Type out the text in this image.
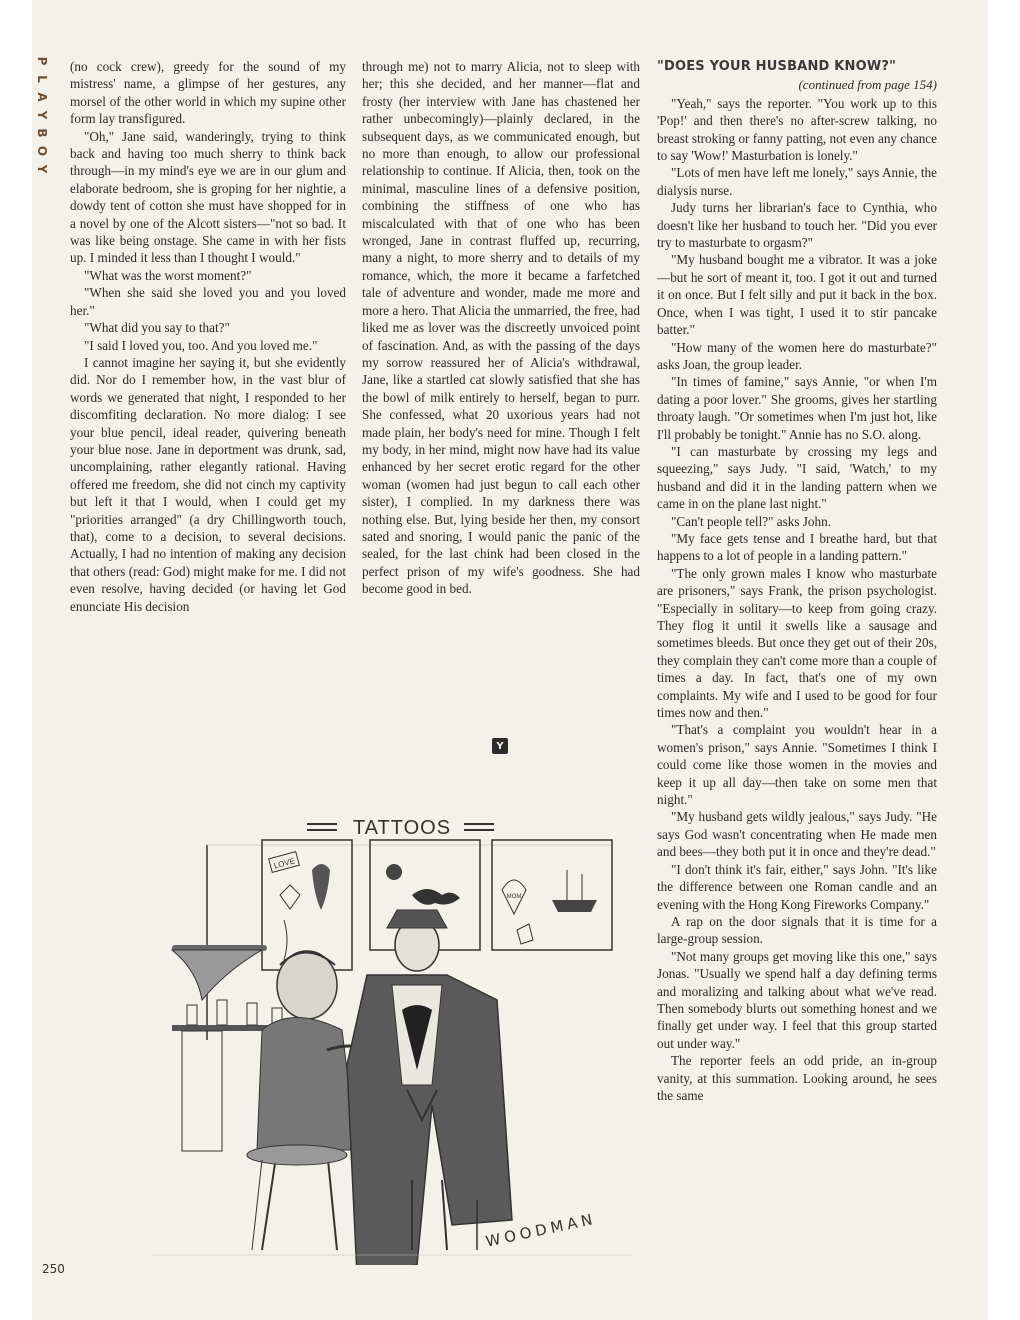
P
L
A
Y
B
O
Y

(no cock crew), greedy for the sound of my mistress' name, a glimpse of her gestures, any morsel of the other world in which my supine other form lay transfigured.

"Oh," Jane said, wanderingly, trying to think back and having too much sherry to think back through—in my mind's eye we are in our glum and elaborate bedroom, she is groping for her nightie, a dowdy tent of cotton she must have shopped for in a novel by one of the Alcott sisters—"not so bad. It was like being onstage. She came in with her fists up. I minded it less than I thought I would."

"What was the worst moment?"

"When she said she loved you and you loved her."

"What did you say to that?"

"I said I loved you, too. And you loved me."

I cannot imagine her saying it, but she evidently did. Nor do I remember how, in the vast blur of words we generated that night, I responded to her discomfiting declaration. No more dialog: I see your blue pencil, ideal reader, quivering beneath your blue nose. Jane in deportment was drunk, sad, uncomplaining, rather elegantly rational. Having offered me freedom, she did not cinch my captivity but left it that I would, when I could get my "priorities arranged" (a dry Chillingworth touch, that), come to a decision, to several decisions. Actually, I had no intention of making any decision that others (read: God) might make for me. I did not even resolve, having decided (or having let God enunciate His decision

through me) not to marry Alicia, not to sleep with her; this she decided, and her manner—flat and frosty (her interview with Jane has chastened her rather unbecomingly)—plainly declared, in the subsequent days, as we communicated enough, but no more than enough, to allow our professional relationship to continue. If Alicia, then, took on the minimal, masculine lines of a defensive position, combining the stiffness of one who has miscalculated with that of one who has been wronged, Jane in contrast fluffed up, recurring, many a night, to more sherry and to details of my romance, which, the more it became a farfetched tale of adventure and wonder, made me more and more a hero. That Alicia the unmarried, the free, had liked me as lover was the discreetly unvoiced point of fascination. And, as with the passing of the days my sorrow reassured her of Alicia's withdrawal, Jane, like a startled cat slowly satisfied that she has the bowl of milk entirely to herself, began to purr. She confessed, what 20 uxorious years had not made plain, her body's need for mine. Though I felt my body, in her mind, might now have had its value enhanced by her secret erotic regard for the other woman (women had just begun to call each other sister), I complied. In my darkness there was nothing else. But, lying beside her then, my consort sated and snoring, I would panic the panic of the sealed, for the last chink had been closed in the perfect prison of my wife's goodness. She had become good in bed.

Y
"DOES YOUR HUSBAND KNOW?"
(continued from page 154)

"Yeah," says the reporter. "You work up to this 'Pop!' and then there's no after-screw talking, no breast stroking or fanny patting, not even any chance to say 'Wow!' Masturbation is lonely."

"Lots of men have left me lonely," says Annie, the dialysis nurse.

Judy turns her librarian's face to Cynthia, who doesn't like her husband to touch her. "Did you ever try to masturbate to orgasm?"

"My husband bought me a vibrator. It was a joke—but he sort of meant it, too. I got it out and turned it on once. But I felt silly and put it back in the box. Once, when I was tight, I used it to stir pancake batter."

"How many of the women here do masturbate?" asks Joan, the group leader.

"In times of famine," says Annie, "or when I'm dating a poor lover." She grooms, gives her startling throaty laugh. "Or sometimes when I'm just hot, like I'll probably be tonight." Annie has no S.O. along.

"I can masturbate by crossing my legs and squeezing," says Judy. "I said, 'Watch,' to my husband and did it in the landing pattern when we came in on the plane last night."

"Can't people tell?" asks John.

"My face gets tense and I breathe hard, but that happens to a lot of people in a landing pattern."

"The only grown males I know who masturbate are prisoners," says Frank, the prison psychologist. "Especially in solitary—to keep from going crazy. They flog it until it swells like a sausage and sometimes bleeds. But once they get out of their 20s, they complain they can't come more than a couple of times a day. In fact, that's one of my own complaints. My wife and I used to be good for four times now and then."

"That's a complaint you wouldn't hear in a women's prison," says Annie. "Sometimes I think I could come like those women in the movies and keep it up all day—then take on some men that night."

"My husband gets wildly jealous," says Judy. "He says God wasn't concentrating when He made men and bees—they both put it in once and they're dead."

"I don't think it's fair, either," says John. "It's like the difference between one Roman candle and an evening with the Hong Kong Fireworks Company."

A rap on the door signals that it is time for a large-group session.

"Not many groups get moving like this one," says Jonas. "Usually we spend half a day defining terms and moralizing and talking about what we've read. Then somebody blurts out something honest and we finally get under way. I feel that this group started out under way."

The reporter feels an odd pride, an in-group vanity, at this summation. Looking around, he sees the same

TATTOOS
LOVE
MOM
WOODMAN
250
